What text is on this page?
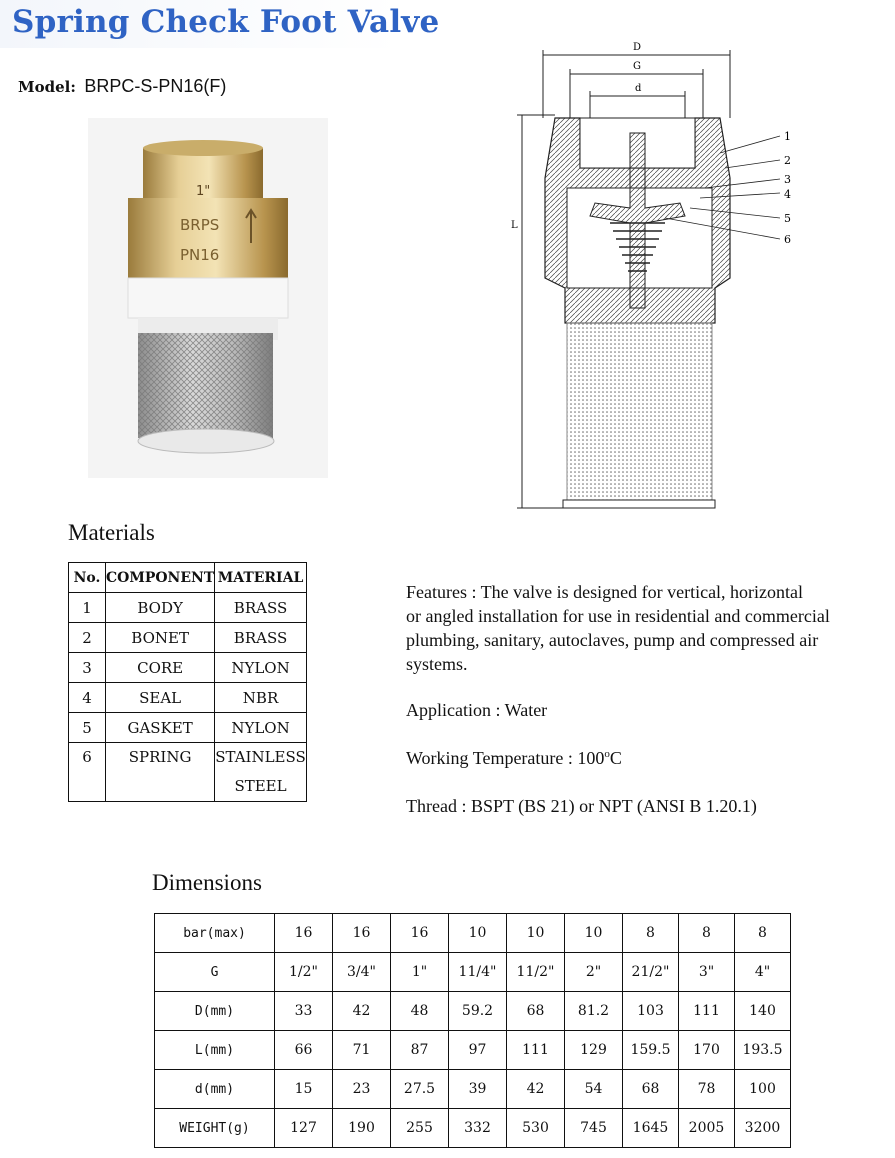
Spring Check Foot Valve
Model: BRPC-S-PN16(F)
1"
BRPS
PN16
D
G
d
L
1
2
3
4
5
6
Materials
No.	COMPONENT	MATERIAL
1	BODY	BRASS
2	BONET	BRASS
3	CORE	NYLON
4	SEAL	NBR
5	GASKET	NYLON
6	SPRING	STAINLESS STEEL

Features : The valve is designed for vertical, horizontal

or angled installation for use in residential and commercial

plumbing, sanitary, autoclaves, pump and compressed air

systems.

Application : Water
Working Temperature : 100$^o$C
Thread : BSPT (BS 21) or NPT (ANSI B 1.20.1)
Dimensions
bar(max)	16	16	16	10	10	10	8	8	8
G	1/2"	3/4"	1"	11/4"	11/2"	2"	21/2"	3"	4"
D(mm)	33	42	48	59.2	68	81.2	103	111	140
L(mm)	66	71	87	97	111	129	159.5	170	193.5
d(mm)	15	23	27.5	39	42	54	68	78	100
WEIGHT(g)	127	190	255	332	530	745	1645	2005	3200
